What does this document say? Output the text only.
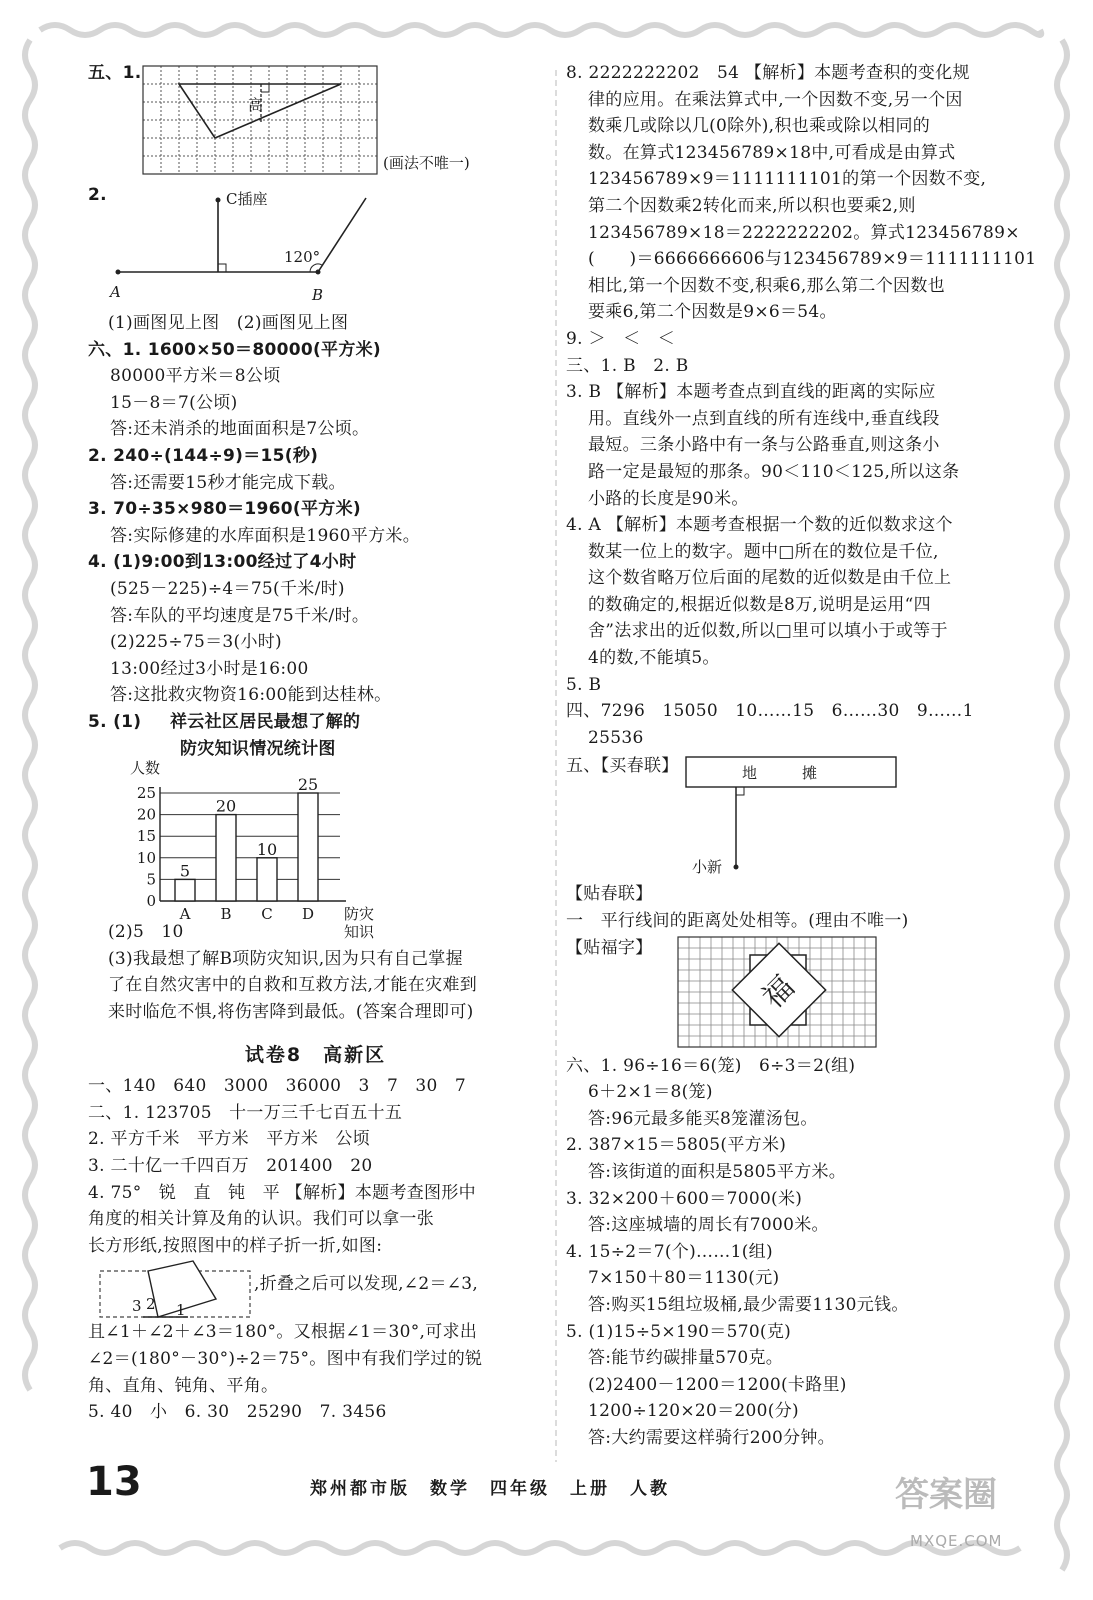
五、1.
高
(画法不唯一)
2.	C插座
120°
A	B
(1)画图见上图　(2)画图见上图
六、1. 1600×50＝80000(平方米)
80000平方米＝8公顷
15－8＝7(公顷)
答:还未消杀的地面面积是7公顷。
2. 240÷(144÷9)＝15(秒)
答:还需要15秒才能完成下载。
3. 70÷35×980＝1960(平方米)
答:实际修建的水库面积是1960平方米。
4. (1)9:00到13:00经过了4小时
(525－225)÷4＝75(千米/时)
答:车队的平均速度是75千米/时。
(2)225÷75＝3(小时)
13:00经过3小时是16:00
答:这批救灾物资16:00能到达桂林。
5. (1) 祥云社区居民最想了解的
防灾知识情况统计图
人数
0
5
10
15
20
25
5
A
20
B
10
C
25
D 防灾
知识
(2)5　10
(3)我最想了解B项防灾知识,因为只有自己掌握
了在自然灾害中的自救和互救方法,才能在灾难到
来时临危不惧,将伤害降到最低。(答案合理即可)
试卷8　高新区
一、140　640　3000　36000　3　7　30　7
二、1. 123705　十一万三千七百五十五
2. 平方千米　平方米　平方米　公顷
3. 二十亿一千四百万　201400　20
4. 75°　锐　直　钝　平 【解析】本题考查图形中
角度的相关计算及角的认识。我们可以拿一张
长方形纸,按照图中的样子折一折,如图:
3 2 1
,折叠之后可以发现,∠2＝∠3,
且∠1＋∠2＋∠3＝180°。又根据∠1＝30°,可求出
∠2＝(180°－30°)÷2＝75°。图中有我们学过的锐
角、直角、钝角、平角。
5. 40　小　6. 30　25290　7. 3456
8. 2222222202　54 【解析】本题考查积的变化规
律的应用。在乘法算式中,一个因数不变,另一个因
数乘几或除以几(0除外),积也乘或除以相同的
数。在算式123456789×18中,可看成是由算式
123456789×9＝1111111101的第一个因数不变,
第二个因数乘2转化而来,所以积也要乘2,则
123456789×18＝2222222202。算式123456789×
(　　)＝6666666606与123456789×9＝1111111101
相比,第一个因数不变,积乘6,那么第二个因数也
要乘6,第二个因数是9×6＝54。
9. ＞　＜　＜
三、1. B　2. B
3. B 【解析】本题考查点到直线的距离的实际应
用。直线外一点到直线的所有连线中,垂直线段
最短。三条小路中有一条与公路垂直,则这条小
路一定是最短的那条。90＜110＜125,所以这条
小路的长度是90米。
4. A 【解析】本题考查根据一个数的近似数求这个
数某一位上的数字。题中□所在的数位是千位,
这个数省略万位后面的尾数的近似数是由千位上
的数确定的,根据近似数是8万,说明是运用“四
舍”法求出的近似数,所以□里可以填小于或等于
4的数,不能填5。
5. B
四、7296　15050　10……15　6……30　9……1
25536
五、【买春联】	地　　　摊
小新
【贴春联】
一　平行线间的距离处处相等。(理由不唯一)
【贴福字】
福
六、1. 96÷16＝6(笼)　6÷3＝2(组)
6＋2×1＝8(笼)
答:96元最多能买8笼灌汤包。
2. 387×15＝5805(平方米)
答:该街道的面积是5805平方米。
3. 32×200＋600＝7000(米)
答:这座城墙的周长有7000米。
4. 15÷2＝7(个)……1(组)
7×150＋80＝1130(元)
答:购买15组垃圾桶,最少需要1130元钱。
5. (1)15÷5×190＝570(克)
答:能节约碳排量570克。
(2)2400－1200＝1200(卡路里)
1200÷120×20＝200(分)
答:大约需要这样骑行200分钟。
13	郑州都市版　数学　四年级　上册　人教	答案圈
MXQE.COM
